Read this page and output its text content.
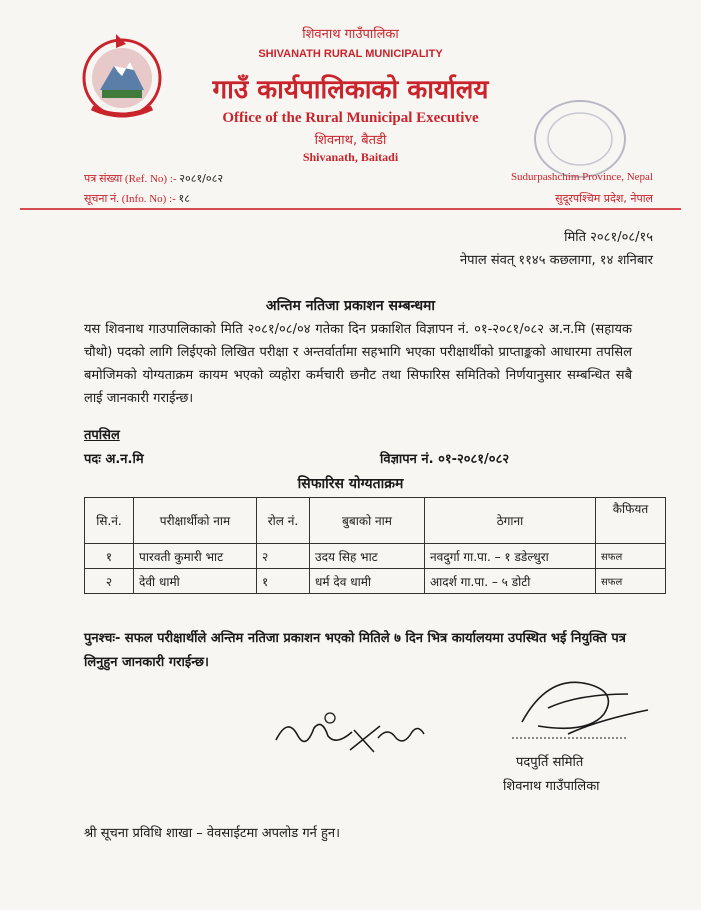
शिवनाथ गाउँपालिका
SHIVANATH RURAL MUNICIPALITY
गाउँ कार्यपालिकाको कार्यालय
Office of the Rural Municipal Executive
शिवनाथ, बैतडी
Shivanath, Baitadi
पत्र संख्या (Ref. No) :- २०८१/०८२
सूचना नं. (Info. No) :- १८
Sudurpashchim Province, Nepal
सुदूरपश्चिम प्रदेश, नेपाल
मिति २०८१/०८/१५
नेपाल संवत् ११४५ कछलागा, १४ शनिबार
अन्तिम नतिजा प्रकाशन सम्बन्धमा
यस शिवनाथ गाउपालिकाको मिति २०८१/०८/०४ गतेका दिन प्रकाशित विज्ञापन नं. ०१-२०८१/०८२ अ.न.मि (सहायक चौथो) पदको लागि लिईएको लिखित परीक्षा र अन्तर्वार्तामा सहभागि भएका परीक्षार्थीको प्राप्ताङ्कको आधारमा तपसिल बमोजिमको योग्यताक्रम कायम भएको व्यहोरा कर्मचारी छनौट तथा सिफारिस समितिको निर्णयानुसार सम्बन्धित सबै लाई जानकारी गराईन्छ।
तपसिल
पदः अ.न.मि	विज्ञापन नं. ०१-२०८१/०८२
सिफारिस योग्यताक्रम
सि.नं.	परीक्षार्थीको नाम	रोल नं.	बुबाको नाम	ठेगाना	कैफियत
१	पारवती कुमारी भाट	२	उदय सिह भाट	नवदुर्गा गा.पा. – १ डडेल्धुरा	सफल
२	देवी धामी	१	धर्म देव धामी	आदर्श गा.पा. – ५ डोटी	सफल
पुनश्चः- सफल परीक्षार्थीले अन्तिम नतिजा प्रकाशन भएको मितिले ७ दिन भित्र कार्यालयमा उपस्थित भई नियुक्ति पत्र लिनुहुन जानकारी गराईन्छ।
पदपुर्ति समिति
शिवनाथ गाउँपालिका
श्री सूचना प्रविधि शाखा – वेवसाईटमा अपलोड गर्न हुन।
